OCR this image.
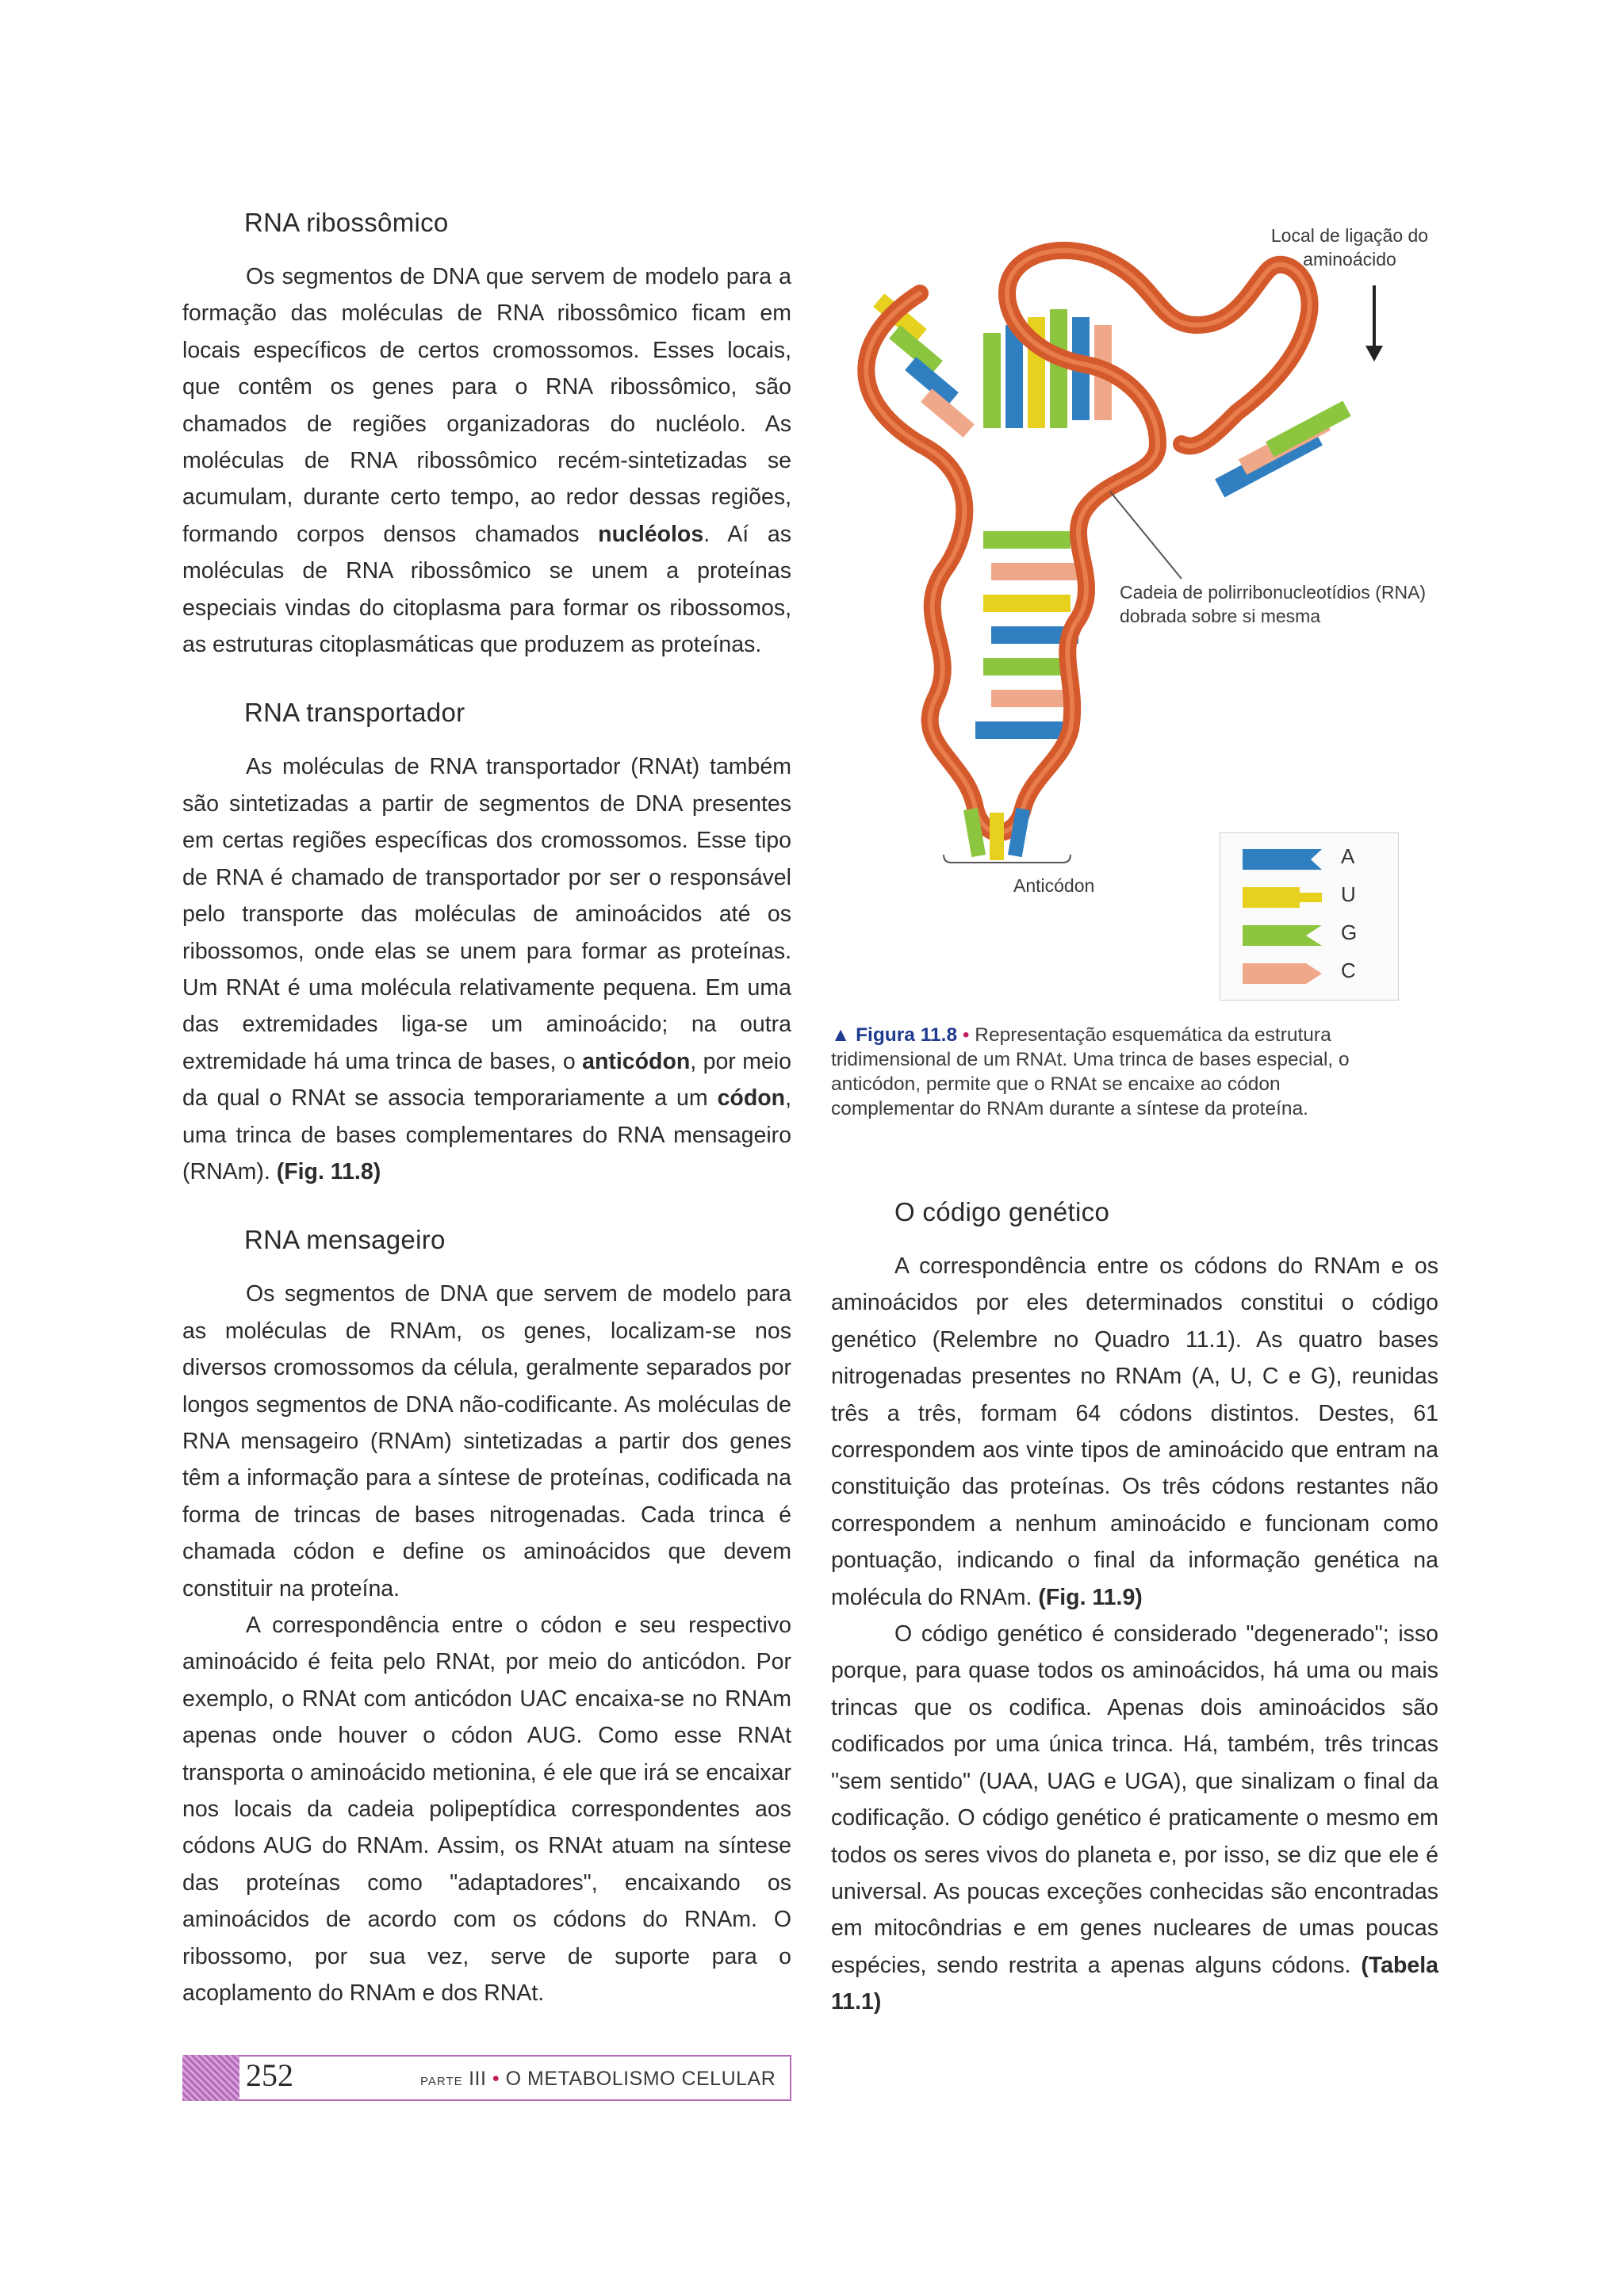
RNA ribossômico

Os segmentos de DNA que servem de modelo para a formação das moléculas de RNA ribossômico ficam em locais específicos de certos cromossomos. Esses locais, que contêm os genes para o RNA ribossômico, são chamados de regiões organizadoras do nucléolo. As moléculas de RNA ribossômico recém-sintetizadas se acumulam, durante certo tempo, ao redor dessas regiões, formando corpos densos chamados nucléolos. Aí as moléculas de RNA ribossômico se unem a proteínas especiais vindas do citoplasma para formar os ribossomos, as estruturas citoplasmáticas que produzem as proteínas.

RNA transportador

As moléculas de RNA transportador (RNAt) também são sintetizadas a partir de segmentos de DNA presentes em certas regiões específicas dos cromossomos. Esse tipo de RNA é chamado de transportador por ser o responsável pelo transporte das moléculas de aminoácidos até os ribossomos, onde elas se unem para formar as proteínas. Um RNAt é uma molécula relativamente pequena. Em uma das extremidades liga-se um aminoácido; na outra extremidade há uma trinca de bases, o anticódon, por meio da qual o RNAt se associa temporariamente a um códon, uma trinca de bases complementares do RNA mensageiro (RNAm). (Fig. 11.8)

RNA mensageiro

Os segmentos de DNA que servem de modelo para as moléculas de RNAm, os genes, localizam-se nos diversos cromossomos da célula, geralmente separados por longos segmentos de DNA não-codificante. As moléculas de RNA mensageiro (RNAm) sintetizadas a partir dos genes têm a informação para a síntese de proteínas, codificada na forma de trincas de bases nitrogenadas. Cada trinca é chamada códon e define os aminoácidos que devem constituir na proteína.

A correspondência entre o códon e seu respectivo aminoácido é feita pelo RNAt, por meio do anticódon. Por exemplo, o RNAt com anticódon UAC encaixa-se no RNAm apenas onde houver o códon AUG. Como esse RNAt transporta o aminoácido metionina, é ele que irá se encaixar nos locais da cadeia polipeptídica correspondentes aos códons AUG do RNAm. Assim, os RNAt atuam na síntese das proteínas como "adaptadores", encaixando os aminoácidos de acordo com os códons do RNAm. O ribossomo, por sua vez, serve de suporte para o acoplamento do RNAm e dos RNAt.

Local de ligação do aminoácido
Cadeia de polirribonucleotídios (RNA) dobrada sobre si mesma
Anticódon
A
U
G
C
▲ Figura 11.8 • Representação esquemática da estrutura tridimensional de um RNAt. Uma trinca de bases especial, o anticódon, permite que o RNAt se encaixe ao códon complementar do RNAm durante a síntese da proteína.
O código genético

A correspondência entre os códons do RNAm e os aminoácidos por eles determinados constitui o código genético (Relembre no Quadro 11.1). As quatro bases nitrogenadas presentes no RNAm (A, U, C e G), reunidas três a três, formam 64 códons distintos. Destes, 61 correspondem aos vinte tipos de aminoácido que entram na constituição das proteínas. Os três códons restantes não correspondem a nenhum aminoácido e funcionam como pontuação, indicando o final da informação genética na molécula do RNAm. (Fig. 11.9)

O código genético é considerado "degenerado"; isso porque, para quase todos os aminoácidos, há uma ou mais trincas que os codifica. Apenas dois aminoácidos são codificados por uma única trinca. Há, também, três trincas "sem sentido" (UAA, UAG e UGA), que sinalizam o final da codificação. O código genético é praticamente o mesmo em todos os seres vivos do planeta e, por isso, se diz que ele é universal. As poucas exceções conhecidas são encontradas em mitocôndrias e em genes nucleares de umas poucas espécies, sendo restrita a apenas alguns códons. (Tabela 11.1)

252	PARTE III • O METABOLISMO CELULAR
